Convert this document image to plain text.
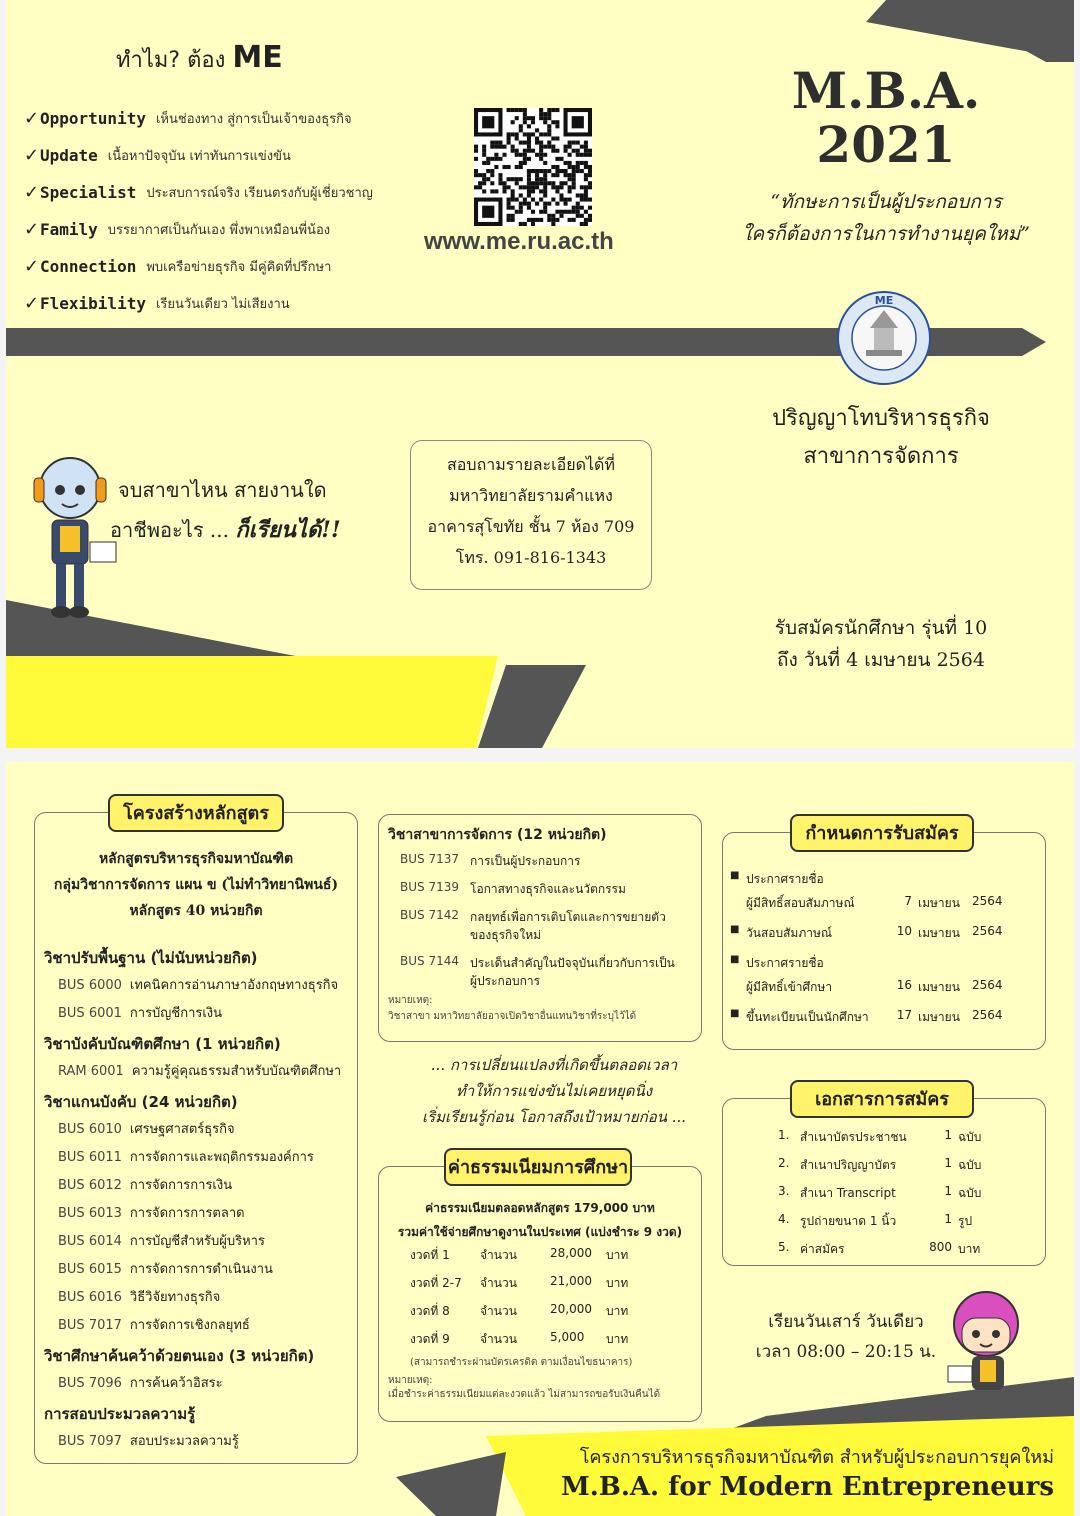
ทำไม? ต้อง ME
✓ Opportunity เห็นช่องทาง สู่การเป็นเจ้าของธุรกิจ
✓ Update เนื้อหาปัจจุบัน เท่าทันการแข่งขัน
✓ Specialist ประสบการณ์จริง เรียนตรงกับผู้เชี่ยวชาญ
✓ Family บรรยากาศเป็นกันเอง พึ่งพาเหมือนพี่น้อง
✓ Connection พบเครือข่ายธุรกิจ มีคู่คิดที่ปรึกษา
✓ Flexibility เรียนวันเดียว ไม่เสียงาน
www.me.ru.ac.th
M.B.A.
2021
“ทักษะการเป็นผู้ประกอบการ
ใครก็ต้องการในการทำงานยุคใหม่”
ME
ปริญญาโทบริหารธุรกิจ
สาขาการจัดการ
จบสาขาไหน สายงานใด
อาชีพอะไร ... ก็เรียนได้!!
สอบถามรายละเอียดได้ที่
มหาวิทยาลัยรามคำแหง
อาคารสุโขทัย ชั้น 7 ห้อง 709
โทร. 091-816-1343
รับสมัครนักศึกษา รุ่นที่ 10
ถึง วันที่ 4 เมษายน 2564
โครงสร้างหลักสูตร
หลักสูตรบริหารธุรกิจมหาบัณฑิต
กลุ่มวิชาการจัดการ แผน ข (ไม่ทำวิทยานิพนธ์)
หลักสูตร 40 หน่วยกิต
วิชาปรับพื้นฐาน (ไม่นับหน่วยกิต)
BUS 6000 เทคนิคการอ่านภาษาอังกฤษทางธุรกิจ
BUS 6001 การบัญชีการเงิน
วิชาบังคับบัณฑิตศึกษา (1 หน่วยกิต)
RAM 6001 ความรู้คู่คุณธรรมสำหรับบัณฑิตศึกษา
วิชาแกนบังคับ (24 หน่วยกิต)
BUS 6010 เศรษฐศาสตร์ธุรกิจ
BUS 6011 การจัดการและพฤติกรรมองค์การ
BUS 6012 การจัดการการเงิน
BUS 6013 การจัดการการตลาด
BUS 6014 การบัญชีสำหรับผู้บริหาร
BUS 6015 การจัดการการดำเนินงาน
BUS 6016 วิธีวิจัยทางธุรกิจ
BUS 7017 การจัดการเชิงกลยุทธ์
วิชาศึกษาค้นคว้าด้วยตนเอง (3 หน่วยกิต)
BUS 7096 การค้นคว้าอิสระ
การสอบประมวลความรู้
BUS 7097 สอบประมวลความรู้
วิชาสาขาการจัดการ (12 หน่วยกิต)
BUS 7137 การเป็นผู้ประกอบการ
BUS 7139 โอกาสทางธุรกิจและนวัตกรรม
BUS 7142 กลยุทธ์เพื่อการเติบโตและการขยายตัว
ของธุรกิจใหม่
BUS 7144 ประเด็นสำคัญในปัจจุบันเกี่ยวกับการเป็น
ผู้ประกอบการ
หมายเหตุ:
วิชาสาขา มหาวิทยาลัยอาจเปิดวิชาอื่นแทนวิชาที่ระบุไว้ได้
... การเปลี่ยนแปลงที่เกิดขึ้นตลอดเวลา
ทำให้การแข่งขันไม่เคยหยุดนิ่ง
เริ่มเรียนรู้ก่อน โอกาสถึงเป้าหมายก่อน ...
ค่าธรรมเนียมการศึกษา
ค่าธรรมเนียมตลอดหลักสูตร 179,000 บาท
รวมค่าใช้จ่ายศึกษาดูงานในประเทศ (แบ่งชำระ 9 งวด)
งวดที่ 1	จำนวน	28,000 บาท
งวดที่ 2-7 จำนวน	21,000 บาท
งวดที่ 8	จำนวน	20,000 บาท
งวดที่ 9	จำนวน	5,000 บาท
(สามารถชำระผ่านบัตรเครดิต ตามเงื่อนไขธนาคาร)
หมายเหตุ:
เมื่อชำระค่าธรรมเนียมแต่ละงวดแล้ว ไม่สามารถขอรับเงินคืนได้
กำหนดการรับสมัคร
■ ประกาศรายชื่อ
ผู้มีสิทธิ์สอบสัมภาษณ์	7 เมษายน 2564
■ วันสอบสัมภาษณ์	10 เมษายน 2564
■ ประกาศรายชื่อ
ผู้มีสิทธิ์เข้าศึกษา	16 เมษายน 2564
■ ขึ้นทะเบียนเป็นนักศึกษา	17 เมษายน 2564
เอกสารการสมัคร
1. สำเนาบัตรประชาชน	1 ฉบับ
2. สำเนาปริญญาบัตร	1 ฉบับ
3. สำเนา Transcript	1 ฉบับ
4. รูปถ่ายขนาด 1 นิ้ว	1 รูป
5. ค่าสมัคร	800 บาท
เรียนวันเสาร์ วันเดียว
เวลา 08:00 – 20:15 น.
โครงการบริหารธุรกิจมหาบัณฑิต สำหรับผู้ประกอบการยุคใหม่
M.B.A. for Modern Entrepreneurs
